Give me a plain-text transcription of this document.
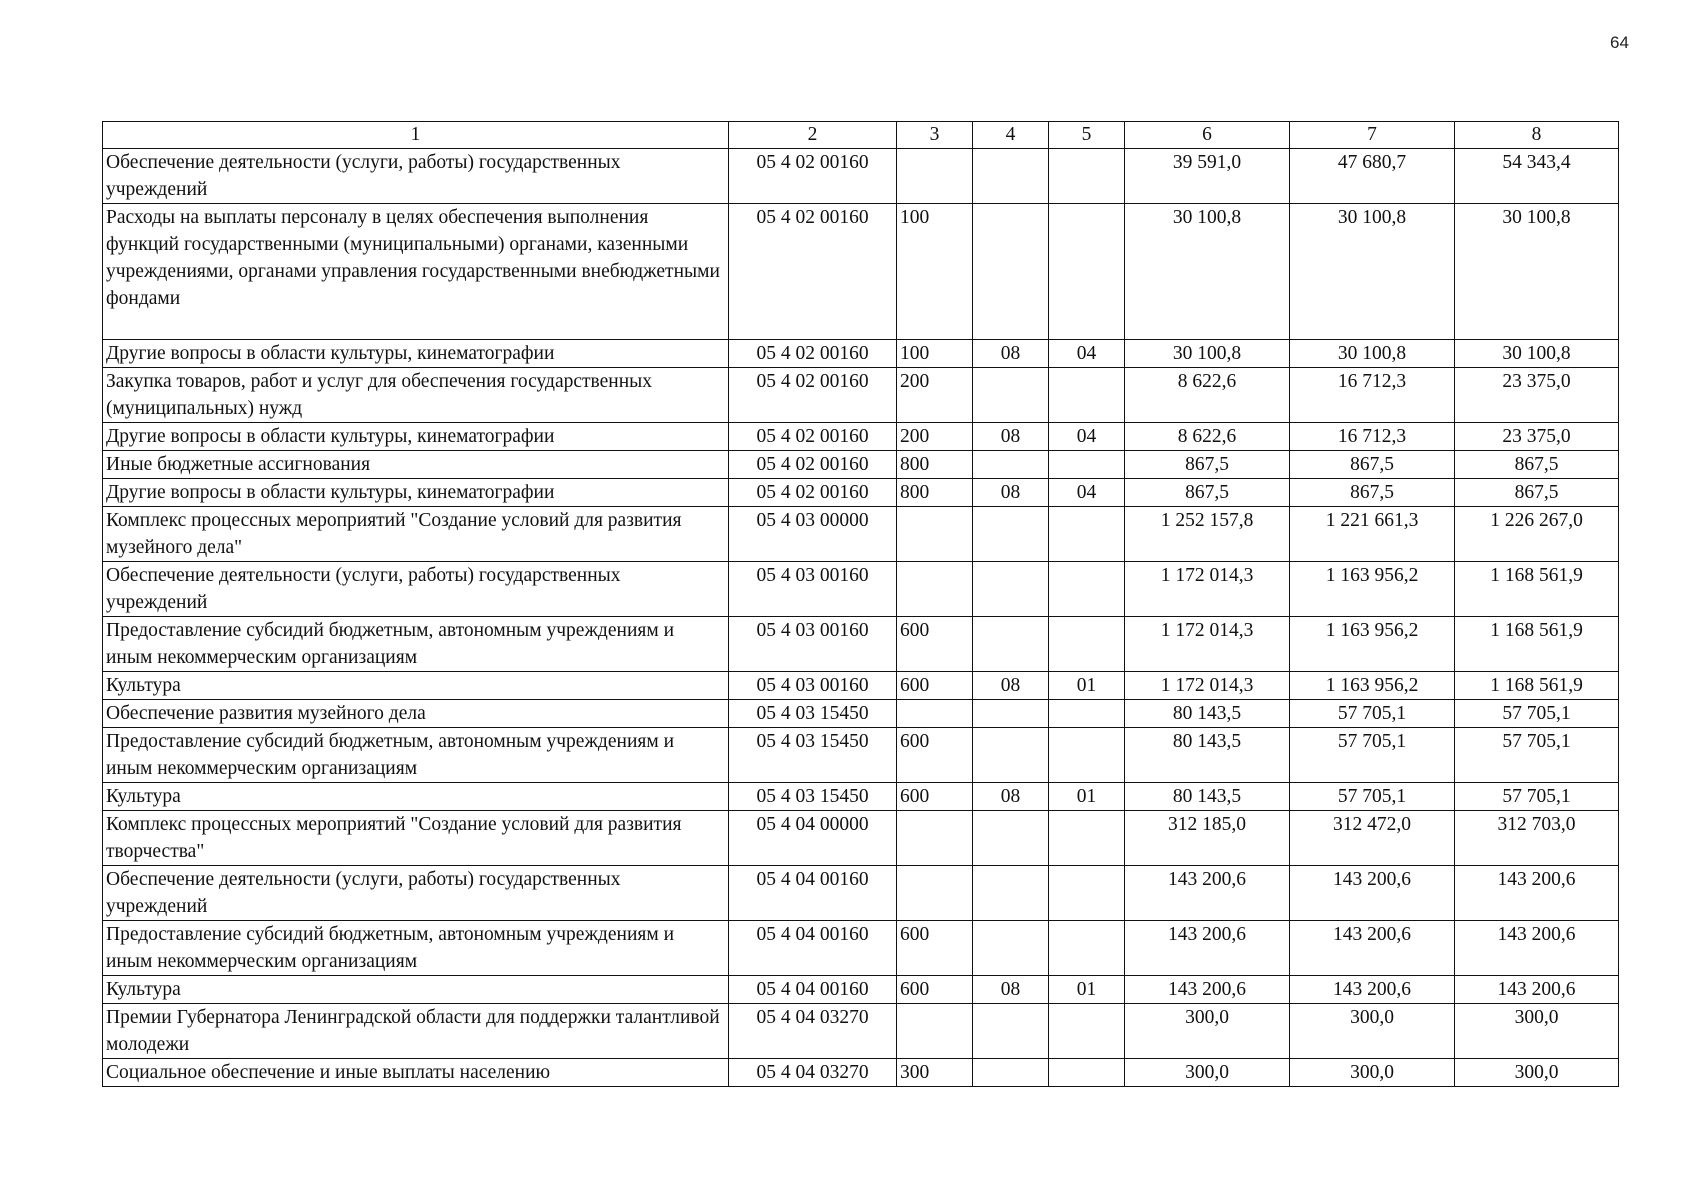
64
1	2	3	4	5	6	7	8
Обеспечение деятельности (услуги, работы) государственных учреждений	05 4 02 00160				39 591,0	47 680,7	54 343,4
Расходы на выплаты персоналу в целях обеспечения выполнения функций государственными (муниципальными) органами, казенными учреждениями, органами управления государственными внебюджетными фондами	05 4 02 00160	100			30 100,8	30 100,8	30 100,8
Другие вопросы в области культуры, кинематографии	05 4 02 00160	100	08	04	30 100,8	30 100,8	30 100,8
Закупка товаров, работ и услуг для обеспечения государственных (муниципальных) нужд	05 4 02 00160	200			8 622,6	16 712,3	23 375,0
Другие вопросы в области культуры, кинематографии	05 4 02 00160	200	08	04	8 622,6	16 712,3	23 375,0
Иные бюджетные ассигнования	05 4 02 00160	800			867,5	867,5	867,5
Другие вопросы в области культуры, кинематографии	05 4 02 00160	800	08	04	867,5	867,5	867,5
Комплекс процессных мероприятий "Создание условий для развития музейного дела"	05 4 03 00000				1 252 157,8	1 221 661,3	1 226 267,0
Обеспечение деятельности (услуги, работы) государственных учреждений	05 4 03 00160				1 172 014,3	1 163 956,2	1 168 561,9
Предоставление субсидий бюджетным, автономным учреждениям и иным некоммерческим организациям	05 4 03 00160	600			1 172 014,3	1 163 956,2	1 168 561,9
Культура	05 4 03 00160	600	08	01	1 172 014,3	1 163 956,2	1 168 561,9
Обеспечение развития музейного дела	05 4 03 15450				80 143,5	57 705,1	57 705,1
Предоставление субсидий бюджетным, автономным учреждениям и иным некоммерческим организациям	05 4 03 15450	600			80 143,5	57 705,1	57 705,1
Культура	05 4 03 15450	600	08	01	80 143,5	57 705,1	57 705,1
Комплекс процессных мероприятий "Создание условий для развития творчества"	05 4 04 00000				312 185,0	312 472,0	312 703,0
Обеспечение деятельности (услуги, работы) государственных учреждений	05 4 04 00160				143 200,6	143 200,6	143 200,6
Предоставление субсидий бюджетным, автономным учреждениям и иным некоммерческим организациям	05 4 04 00160	600			143 200,6	143 200,6	143 200,6
Культура	05 4 04 00160	600	08	01	143 200,6	143 200,6	143 200,6
Премии Губернатора Ленинградской области для поддержки талантливой молодежи	05 4 04 03270				300,0	300,0	300,0
Социальное обеспечение и иные выплаты населению	05 4 04 03270	300			300,0	300,0	300,0
